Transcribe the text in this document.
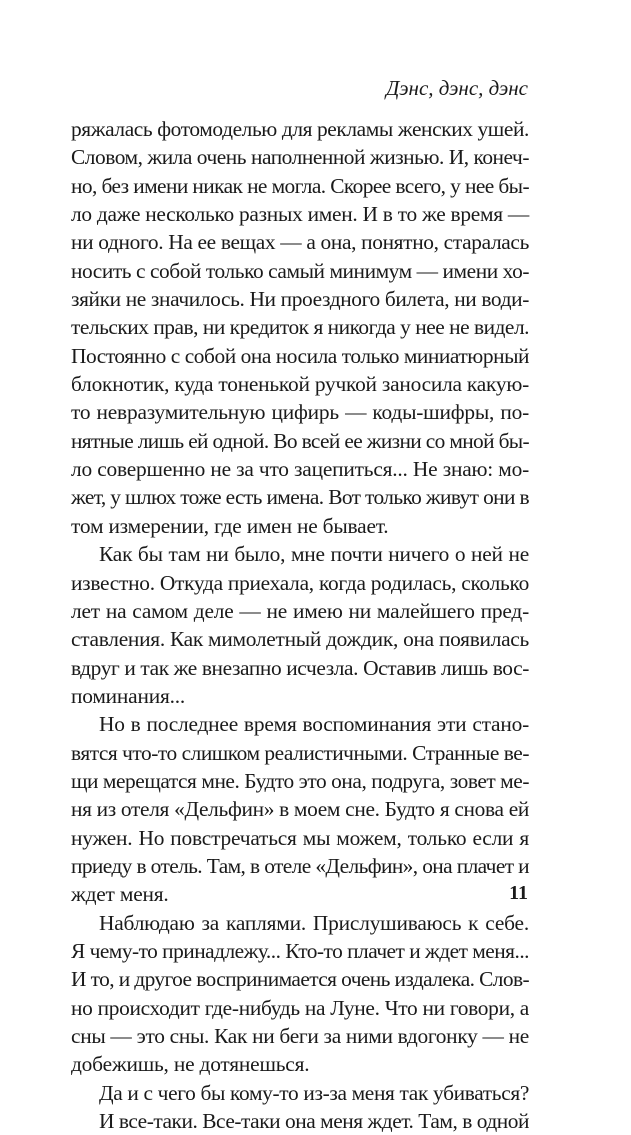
Дэнс, дэнс, дэнс
ряжалась фотомоделью для рекламы женских ушей.
Словом, жила очень наполненной жизнью. И, конеч-
но, без имени никак не могла. Скорее всего, у нее бы-
ло даже несколько разных имен. И в то же время —
ни одного. На ее вещах — а она, понятно, старалась
носить с собой только самый минимум — имени хо-
зяйки не значилось. Ни проездного билета, ни води-
тельских прав, ни кредиток я никогда у нее не видел.
Постоянно с собой она носила только миниатюрный
блокнотик, куда тоненькой ручкой заносила какую-
то невразумительную цифирь — коды-шифры, по-
нятные лишь ей одной. Во всей ее жизни со мной бы-
ло совершенно не за что зацепиться... Не знаю: мо-
жет, у шлюх тоже есть имена. Вот только живут они в
том измерении, где имен не бывает.
Как бы там ни было, мне почти ничего о ней не
известно. Откуда приехала, когда родилась, сколько
лет на самом деле — не имею ни малейшего пред-
ставления. Как мимолетный дождик, она появилась
вдруг и так же внезапно исчезла. Оставив лишь вос-
поминания...
Но в последнее время воспоминания эти стано-
вятся что-то слишком реалистичными. Странные ве-
щи мерещатся мне. Будто это она, подруга, зовет ме-
ня из отеля «Дельфин» в моем сне. Будто я снова ей
нужен. Но повстречаться мы можем, только если я
приеду в отель. Там, в отеле «Дельфин», она плачет и
ждет меня.
Наблюдаю за каплями. Прислушиваюсь к себе.
Я чему-то принадлежу... Кто-то плачет и ждет меня...
И то, и другое воспринимается очень издалека. Слов-
но происходит где-нибудь на Луне. Что ни говори, а
сны — это сны. Как ни беги за ними вдогонку — не
добежишь, не дотянешься.
Да и с чего бы кому-то из-за меня так убиваться?
И все-таки. Все-таки она меня ждет. Там, в одной
11
